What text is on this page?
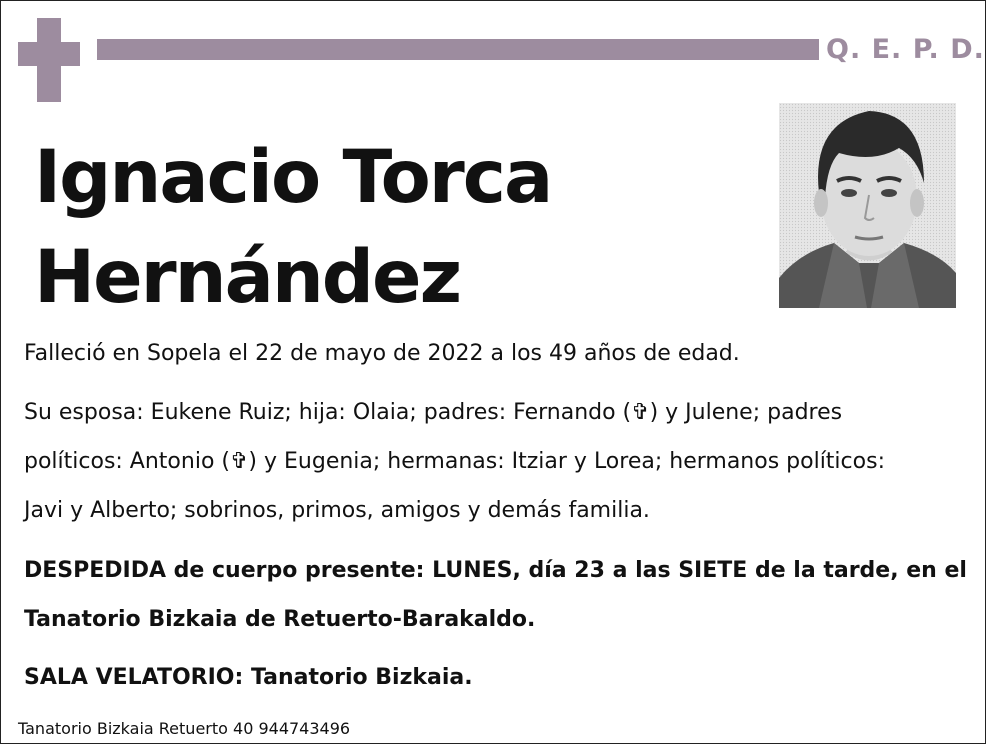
Q. E. P. D.
Ignacio Torca
Hernández
Falleció en Sopela el 22 de mayo de 2022 a los 49 años de edad.
Su esposa: Eukene Ruiz; hija: Olaia; padres: Fernando (✞) y Julene; padres
políticos: Antonio (✞) y Eugenia; hermanas: Itziar y Lorea; hermanos políticos:
Javi y Alberto; sobrinos, primos, amigos y demás familia.
DESPEDIDA de cuerpo presente: LUNES, día 23 a las SIETE de la tarde, en el
Tanatorio Bizkaia de Retuerto-Barakaldo.
SALA VELATORIO: Tanatorio Bizkaia.
Tanatorio Bizkaia Retuerto 40 944743496
